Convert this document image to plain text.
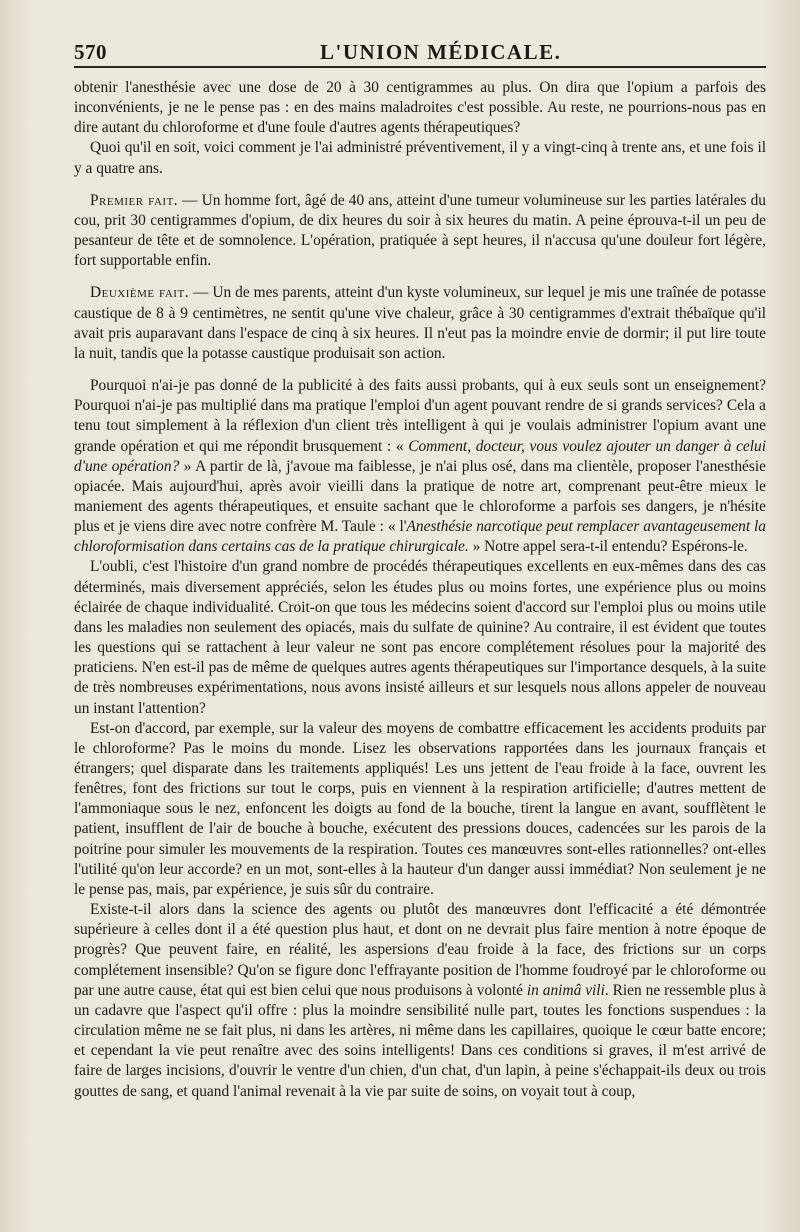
570	L'UNION MÉDICALE.

obtenir l'anesthésie avec une dose de 20 à 30 centigrammes au plus. On dira que l'opium a parfois des inconvénients, je ne le pense pas : en des mains maladroites c'est possible. Au reste, ne pourrions-nous pas en dire autant du chloroforme et d'une foule d'autres agents thérapeutiques?

Quoi qu'il en soit, voici comment je l'ai administré préventivement, il y a vingt-cinq à trente ans, et une fois il y a quatre ans.

Premier fait. — Un homme fort, âgé de 40 ans, atteint d'une tumeur volumineuse sur les parties latérales du cou, prit 30 centigrammes d'opium, de dix heures du soir à six heures du matin. A peine éprouva-t-il un peu de pesanteur de tête et de somnolence. L'opération, pratiquée à sept heures, il n'accusa qu'une douleur fort légère, fort supportable enfin.

Deuxième fait. — Un de mes parents, atteint d'un kyste volumineux, sur lequel je mis une traînée de potasse caustique de 8 à 9 centimètres, ne sentit qu'une vive chaleur, grâce à 30 centigrammes d'extrait thébaïque qu'il avait pris auparavant dans l'espace de cinq à six heures. Il n'eut pas la moindre envie de dormir; il put lire toute la nuit, tandis que la potasse caustique produisait son action.

Pourquoi n'ai-je pas donné de la publicité à des faits aussi probants, qui à eux seuls sont un enseignement? Pourquoi n'ai-je pas multiplié dans ma pratique l'emploi d'un agent pouvant rendre de si grands services? Cela a tenu tout simplement à la réflexion d'un client très intelligent à qui je voulais administrer l'opium avant une grande opération et qui me répondit brusquement : « Comment, docteur, vous voulez ajouter un danger à celui d'une opération? » A partir de là, j'avoue ma faiblesse, je n'ai plus osé, dans ma clientèle, proposer l'anesthésie opiacée. Mais aujourd'hui, après avoir vieilli dans la pratique de notre art, comprenant peut-être mieux le maniement des agents thérapeutiques, et ensuite sachant que le chloroforme a parfois ses dangers, je n'hésite plus et je viens dire avec notre confrère M. Taule : « l'Anesthésie narcotique peut remplacer avantageusement la chloroformisation dans certains cas de la pratique chirurgicale. » Notre appel sera-t-il entendu? Espérons-le.

L'oubli, c'est l'histoire d'un grand nombre de procédés thérapeutiques excellents en eux-mêmes dans des cas déterminés, mais diversement appréciés, selon les études plus ou moins fortes, une expérience plus ou moins éclairée de chaque individualité. Croit-on que tous les médecins soient d'accord sur l'emploi plus ou moins utile dans les maladies non seulement des opiacés, mais du sulfate de quinine? Au contraire, il est évident que toutes les questions qui se rattachent à leur valeur ne sont pas encore complétement résolues pour la majorité des praticiens. N'en est-il pas de même de quelques autres agents thérapeutiques sur l'importance desquels, à la suite de très nombreuses expérimentations, nous avons insisté ailleurs et sur lesquels nous allons appeler de nouveau un instant l'attention?

Est-on d'accord, par exemple, sur la valeur des moyens de combattre efficacement les accidents produits par le chloroforme? Pas le moins du monde. Lisez les observations rapportées dans les journaux français et étrangers; quel disparate dans les traitements appliqués! Les uns jettent de l'eau froide à la face, ouvrent les fenêtres, font des frictions sur tout le corps, puis en viennent à la respiration artificielle; d'autres mettent de l'ammoniaque sous le nez, enfoncent les doigts au fond de la bouche, tirent la langue en avant, soufflètent le patient, insufflent de l'air de bouche à bouche, exécutent des pressions douces, cadencées sur les parois de la poitrine pour simuler les mouvements de la respiration. Toutes ces manœuvres sont-elles rationnelles? ont-elles l'utilité qu'on leur accorde? en un mot, sont-elles à la hauteur d'un danger aussi immédiat? Non seulement je ne le pense pas, mais, par expérience, je suis sûr du contraire.

Existe-t-il alors dans la science des agents ou plutôt des manœuvres dont l'efficacité a été démontrée supérieure à celles dont il a été question plus haut, et dont on ne devrait plus faire mention à notre époque de progrès? Que peuvent faire, en réalité, les aspersions d'eau froide à la face, des frictions sur un corps complétement insensible? Qu'on se figure donc l'effrayante position de l'homme foudroyé par le chloroforme ou par une autre cause, état qui est bien celui que nous produisons à volonté in animâ vili. Rien ne ressemble plus à un cadavre que l'aspect qu'il offre : plus la moindre sensibilité nulle part, toutes les fonctions suspendues : la circulation même ne se fait plus, ni dans les artères, ni même dans les capillaires, quoique le cœur batte encore; et cependant la vie peut renaître avec des soins intelligents! Dans ces conditions si graves, il m'est arrivé de faire de larges incisions, d'ouvrir le ventre d'un chien, d'un chat, d'un lapin, à peine s'échappait-ils deux ou trois gouttes de sang, et quand l'animal revenait à la vie par suite de soins, on voyait tout à coup,
